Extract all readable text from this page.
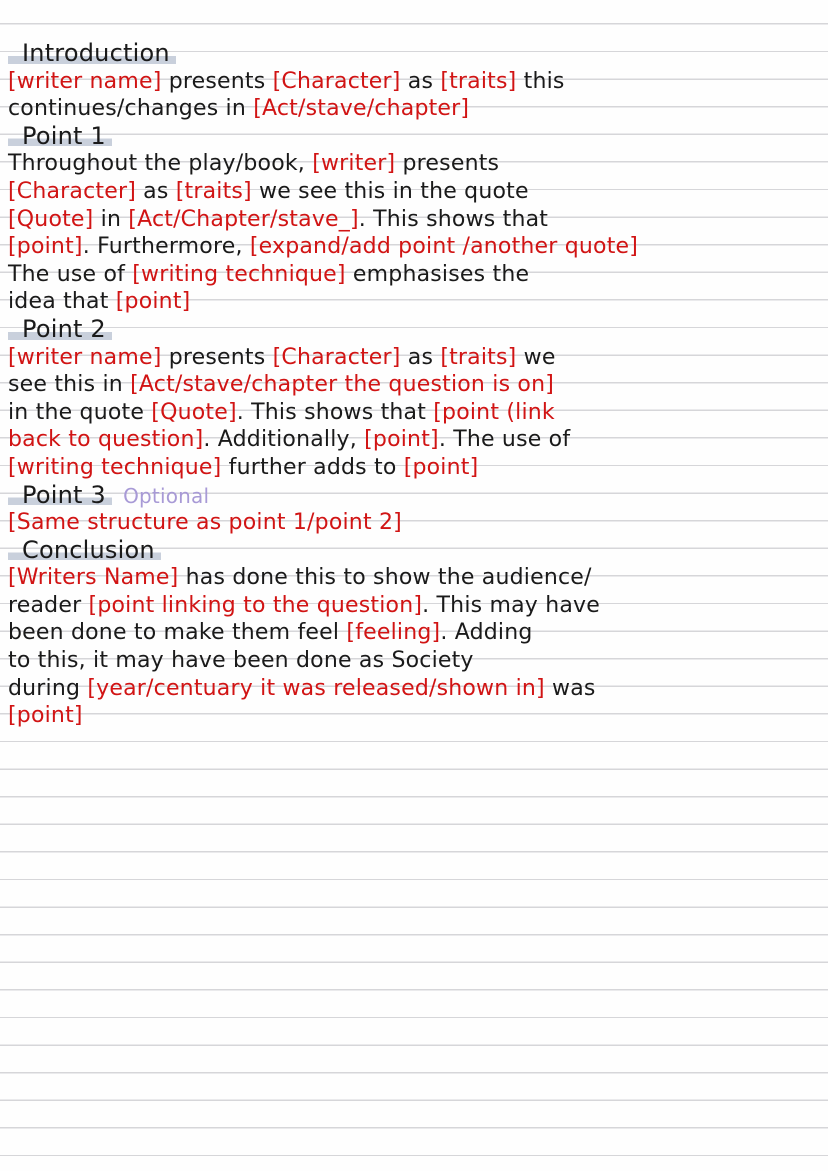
Introduction
[writer name] presents [Character] as [traits] this
continues/changes in [Act/stave/chapter]
Point 1
Throughout the play/book, [writer] presents
[Character] as [traits] we see this in the quote
[Quote] in [Act/Chapter/stave_]. This shows that
[point]. Furthermore, [expand/add point /another quote]
The use of [writing technique] emphasises the
idea that [point]
Point 2
[writer name] presents [Character] as [traits] we
see this in [Act/stave/chapter the question is on]
in the quote [Quote]. This shows that [point (link
back to question]. Additionally, [point]. The use of
[writing technique] further adds to [point]
Point 3 Optional
[Same structure as point 1/point 2]
Conclusion
[Writers Name] has done this to show the audience/
reader [point linking to the question]. This may have
been done to make them feel [feeling]. Adding
to this, it may have been done as Society
during [year/centuary it was released/shown in] was
[point]
